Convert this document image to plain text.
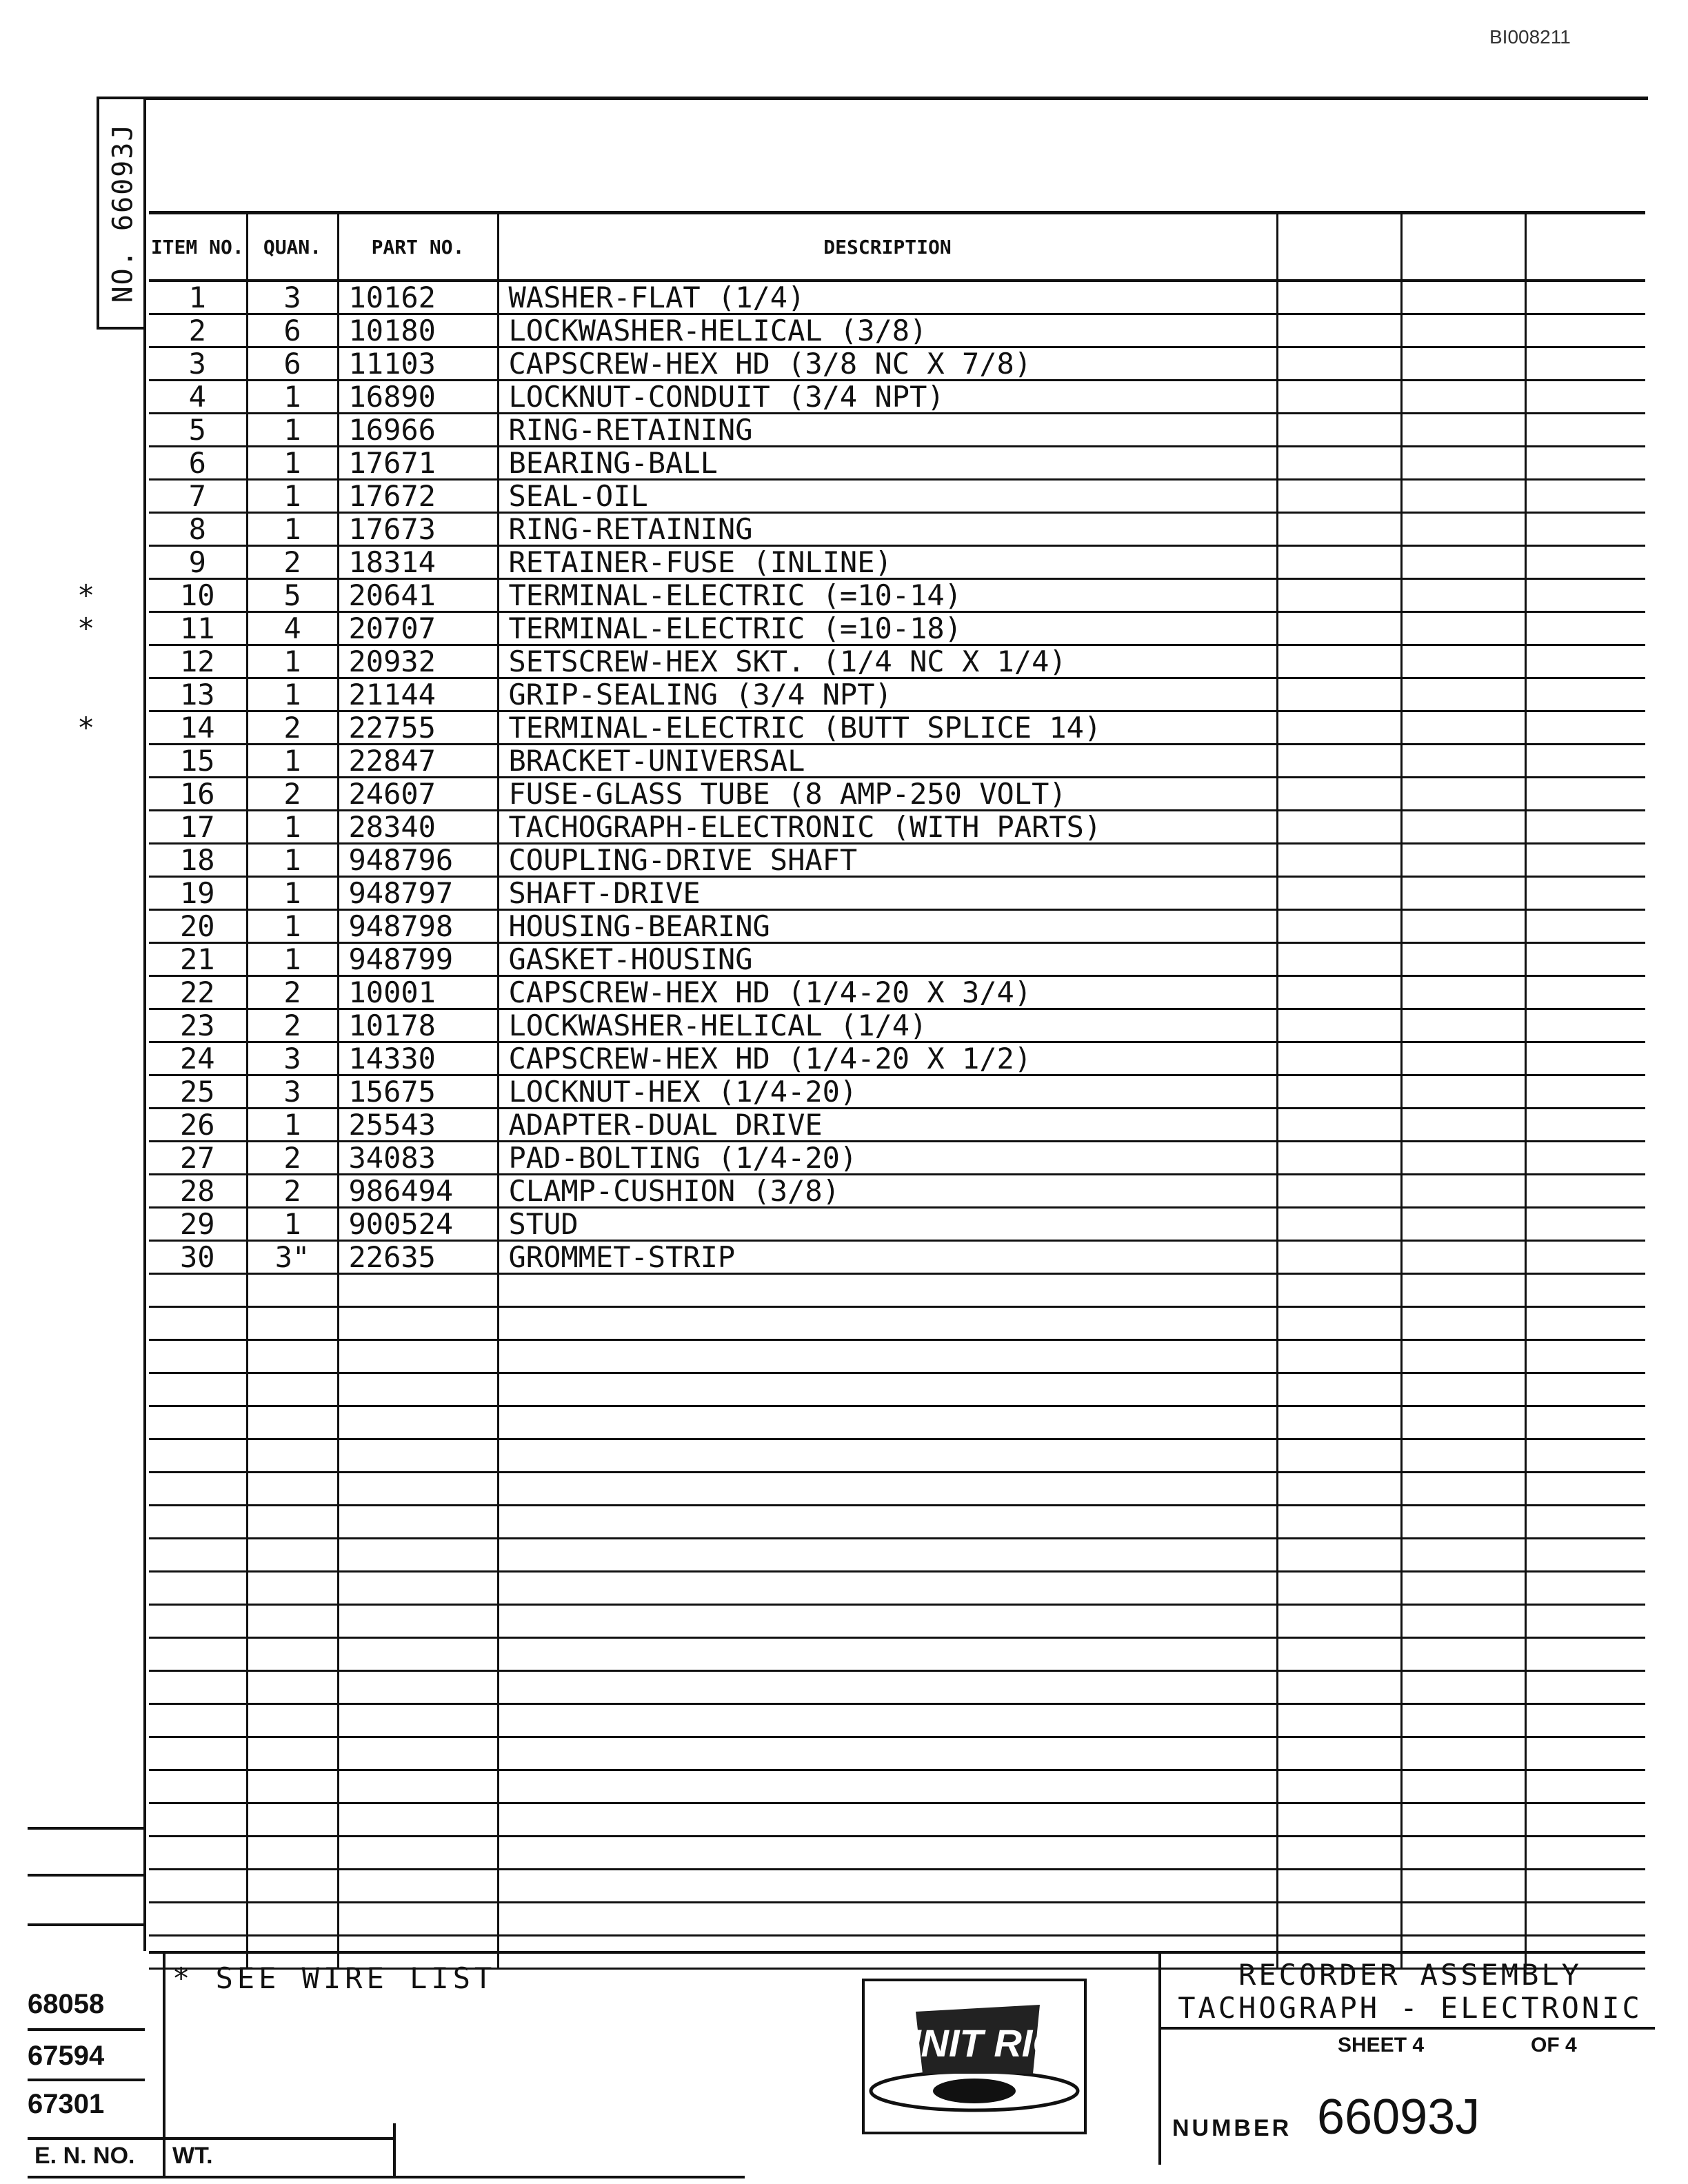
BI008211
NO. 66093J ITEM NO.	QUAN.	PART NO.	DESCRIPTION			
1	3	10162	WASHER-FLAT (1/4)			
2	6	10180	LOCKWASHER-HELICAL (3/8)			
3	6	11103	CAPSCREW-HEX HD (3/8 NC X 7/8)			
4	1	16890	LOCKNUT-CONDUIT (3/4 NPT)			
5	1	16966	RING-RETAINING			
6	1	17671	BEARING-BALL			
7	1	17672	SEAL-OIL			
8	1	17673	RING-RETAINING			
9	2	18314	RETAINER-FUSE (INLINE)			
10	5	20641	TERMINAL-ELECTRIC (=10-14)			
11	4	20707	TERMINAL-ELECTRIC (=10-18)			
12	1	20932	SETSCREW-HEX SKT. (1/4 NC X 1/4)			
13	1	21144	GRIP-SEALING (3/4 NPT)			
14	2	22755	TERMINAL-ELECTRIC (BUTT SPLICE 14)			
15	1	22847	BRACKET-UNIVERSAL			
16	2	24607	FUSE-GLASS TUBE (8 AMP-250 VOLT)			
17	1	28340	TACHOGRAPH-ELECTRONIC (WITH PARTS)			
18	1	948796	COUPLING-DRIVE SHAFT			
19	1	948797	SHAFT-DRIVE			
20	1	948798	HOUSING-BEARING			
21	1	948799	GASKET-HOUSING			
22	2	10001	CAPSCREW-HEX HD (1/4-20 X 3/4)			
23	2	10178	LOCKWASHER-HELICAL (1/4)			
24	3	14330	CAPSCREW-HEX HD (1/4-20 X 1/2)			
25	3	15675	LOCKNUT-HEX (1/4-20)			
26	1	25543	ADAPTER-DUAL DRIVE			
27	2	34083	PAD-BOLTING (1/4-20)			
28	2	986494	CLAMP-CUSHION (3/8)			
29	1	900524	STUD			
30	3"	22635	GROMMET-STRIP			

* SEE WIRE LIST
UNIT RIG
RECORDER ASSEMBLY
TACHOGRAPH - ELECTRONIC
SHEET 4	OF 4
NUMBER 66093J
68058
67594
67301
E. N. NO. WT.
*
*
*
